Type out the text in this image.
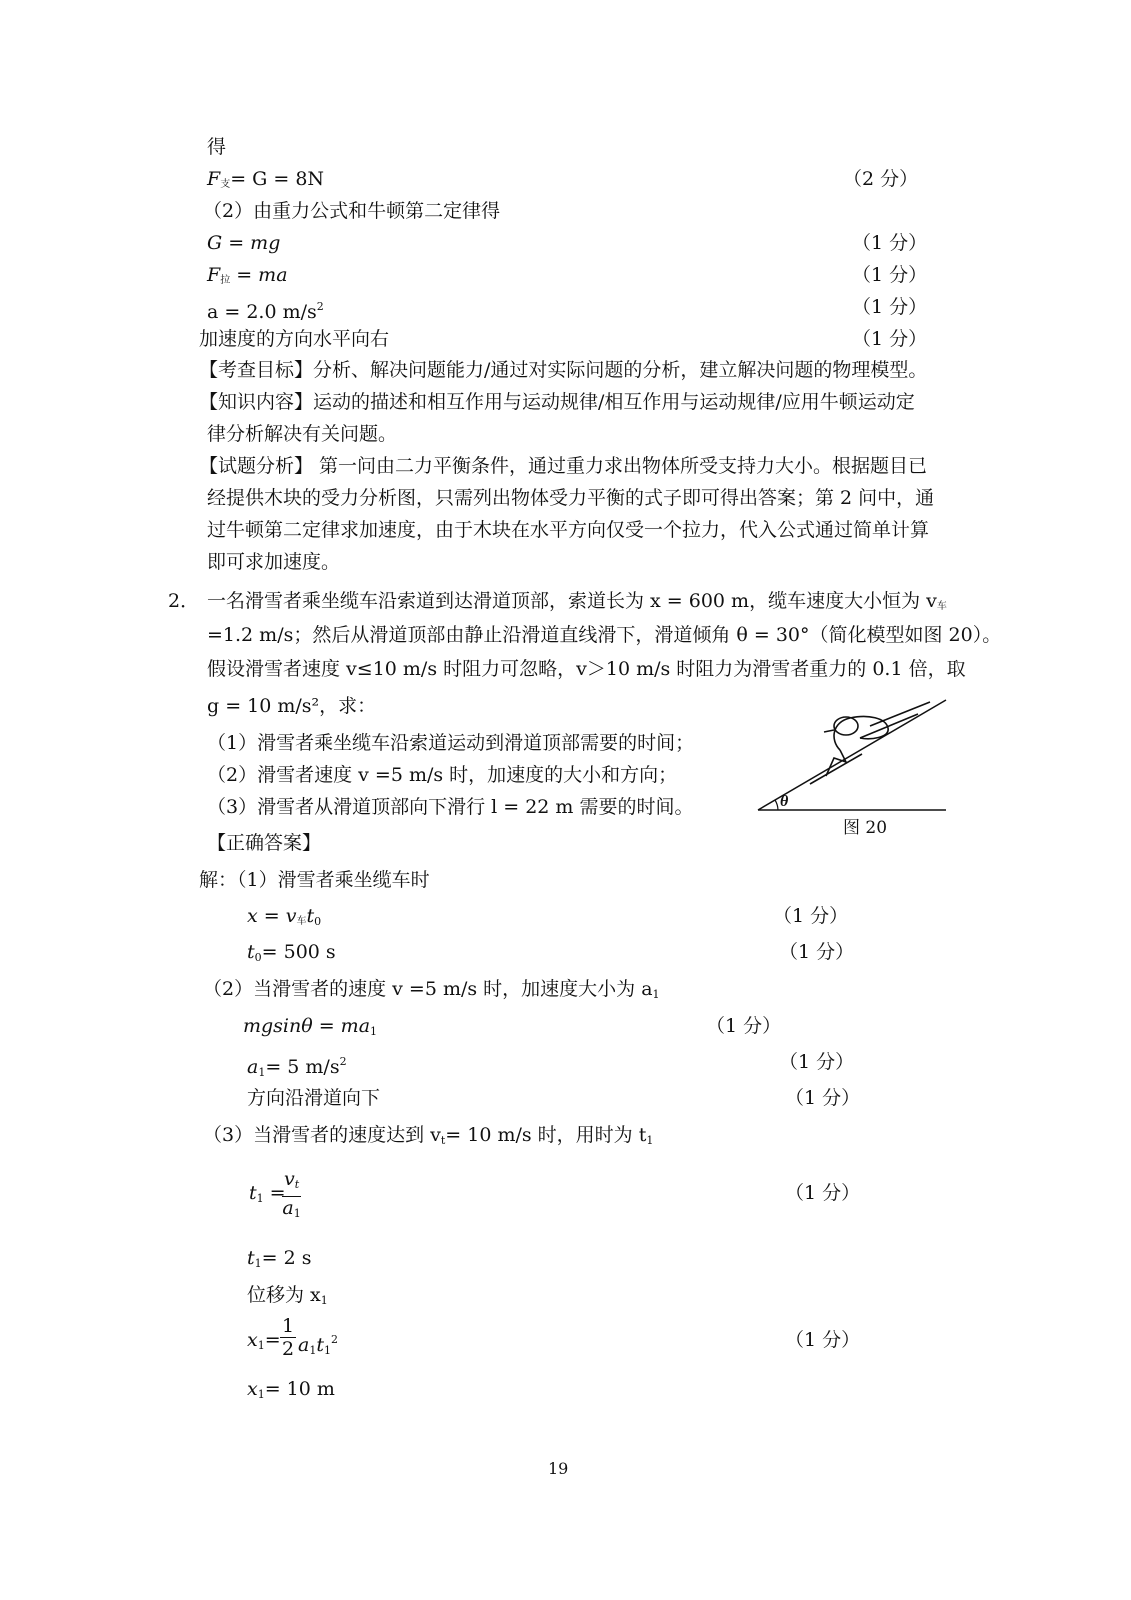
得
F支= G = 8N	（2 分）
（2）由重力公式和牛顿第二定律得
G = mg	（1 分）
F拉 = ma	（1 分）
a = 2.0 $m/s^2$	（1 分）
加速度的方向水平向右	（1 分）
【考查目标】分析、解决问题能力/通过对实际问题的分析，建立解决问题的物理模型。
【知识内容】运动的描述和相互作用与运动规律/相互作用与运动规律/应用牛顿运动定
律分析解决有关问题。
【试题分析】 第一问由二力平衡条件，通过重力求出物体所受支持力大小。根据题目已
经提供木块的受力分析图，只需列出物体受力平衡的式子即可得出答案；第 2 问中，通
过牛顿第二定律求加速度，由于木块在水平方向仅受一个拉力，代入公式通过简单计算
即可求加速度。
2． 一名滑雪者乘坐缆车沿索道到达滑道顶部，索道长为 x = 600 m，缆车速度大小恒为 v车
=1.2 m/s；然后从滑道顶部由静止沿滑道直线滑下，滑道倾角 θ = 30°（简化模型如图 20）。
假设滑雪者速度 v≤10 m/s 时阻力可忽略，v＞10 m/s 时阻力为滑雪者重力的 0.1 倍，取
g = 10 m/s²，求：
（1）滑雪者乘坐缆车沿索道运动到滑道顶部需要的时间；
（2）滑雪者速度 v =5 m/s 时，加速度的大小和方向；
（3）滑雪者从滑道顶部向下滑行 l = 22 m 需要的时间。	θ
图 20
【正确答案】
解：（1）滑雪者乘坐缆车时
x = v车t0	（1 分）
t0= 500 s	（1 分）
（2）当滑雪者的速度 v =5 m/s 时，加速度大小为 a1
mgsinθ = ma1	（1 分）
a1= 5 $m/s^2$	（1 分）
方向沿滑道向下	（1 分）
（3）当滑雪者的速度达到 vt= 10 m/s 时，用时为 t1
t1 =
$\frac{vt}{a1}$	（1 分）
t1= 2 s
位移为 x1
$x1= \frac{1}{2} a1t1^2$	（1 分）
x1= 10 m
19
